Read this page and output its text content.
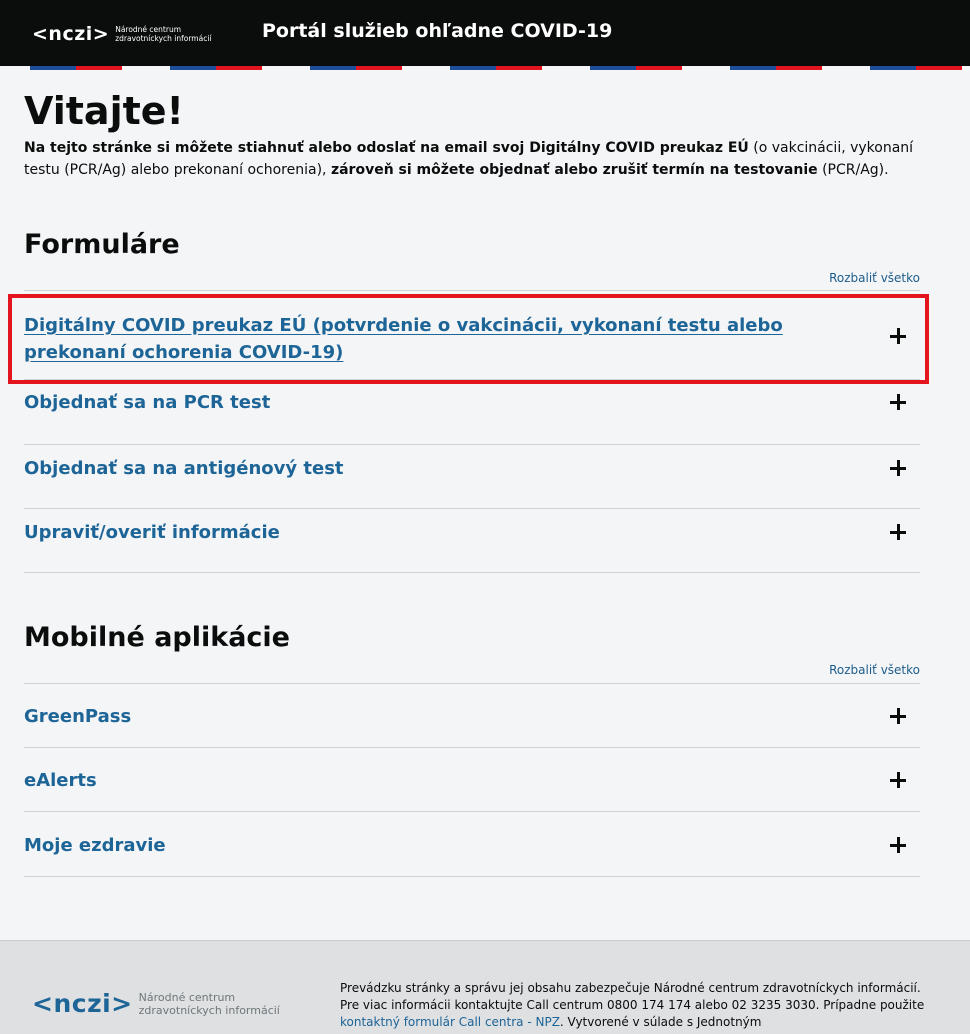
<nczi> Národné centrum zdravotníckych informácií	Portál služieb ohľadne COVID-19
Vitajte!

Na tejto stránke si môžete stiahnuť alebo odoslať na email svoj Digitálny COVID preukaz EÚ (o vakcinácii, vykonaní testu (PCR/Ag) alebo prekonaní ochorenia), zároveň si môžete objednať alebo zrušiť termín na testovanie (PCR/Ag).

Formuláre
Rozbaliť všetko
Digitálny COVID preukaz EÚ (potvrdenie o vakcinácii, vykonaní testu alebo prekonaní ochorenia COVID-19)
Objednať sa na PCR test
Objednať sa na antigénový test
Upraviť/overiť informácie
Mobilné aplikácie
Rozbaliť všetko
GreenPass
eAlerts
Moje ezdravie
<nczi> Národné centrum zdravotníckych informácií

Prevádzku stránky a správu jej obsahu zabezpečuje Národné centrum zdravotníckych informácií. Pre viac informácii kontaktujte Call centrum 0800 174 174 alebo 02 3235 3030. Prípadne použite kontaktný formulár Call centra - NPZ. Vytvorené v súlade s Jednotným
